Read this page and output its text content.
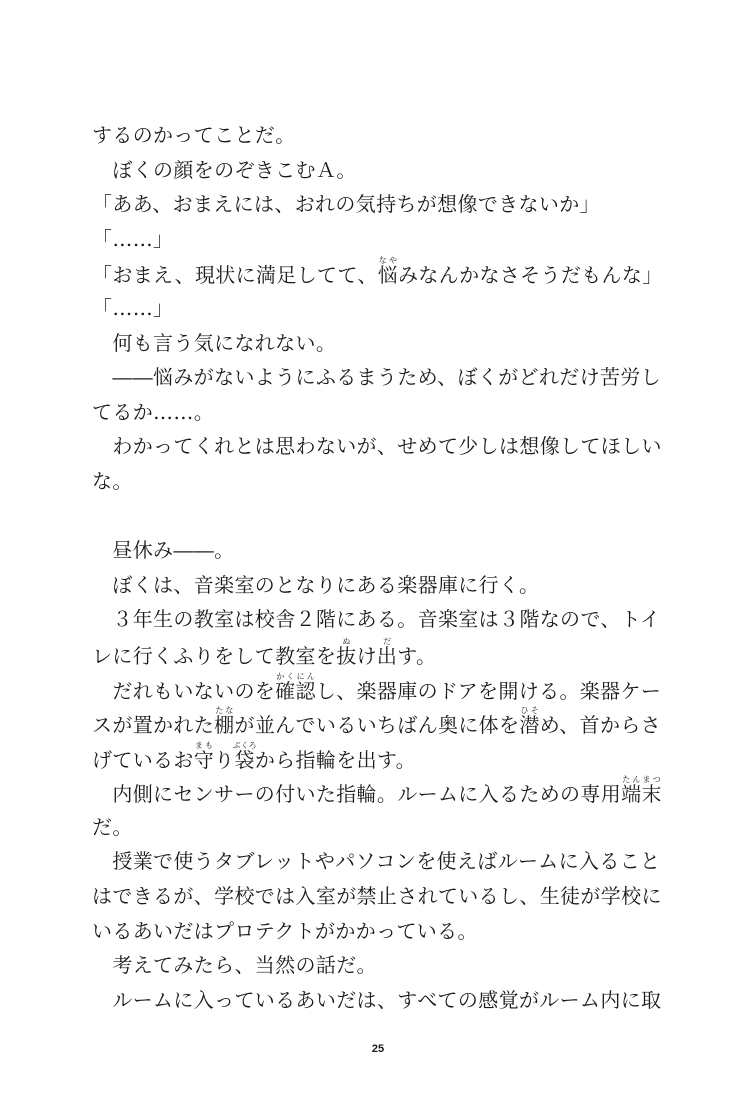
するのかってことだ。
　ぼくの顔をのぞきこむＡ。
「ああ、おまえには、おれの気持ちが想像できないか」
「……」
「おまえ、現状に満足してて、悩なやみなんかなさそうだもんな」
「……」
　何も言う気になれない。
　――悩みがないようにふるまうため、ぼくがどれだけ苦労し
てるか……。
　わかってくれとは思わないが、せめて少しは想像してほしい
な。
　昼休み――。
　ぼくは、音楽室のとなりにある楽器庫に行く。
　３年生の教室は校舎２階にある。音楽室は３階なので、トイ
レに行くふりをして教室を抜ぬけ出だす。
　だれもいないのを確認かくにんし、楽器庫のドアを開ける。楽器ケー
スが置かれた棚たなが並んでいるいちばん奥に体を潜ひそめ、首からさ
げているお守まもり袋ぶくろから指輪を出す。
　内側にセンサーの付いた指輪。ルームに入るための専用端末たんまつ
だ。
　授業で使うタブレットやパソコンを使えばルームに入ること
はできるが、学校では入室が禁止されているし、生徒が学校に
いるあいだはプロテクトがかかっている。
　考えてみたら、当然の話だ。
　ルームに入っているあいだは、すべての感覚がルーム内に取
25
